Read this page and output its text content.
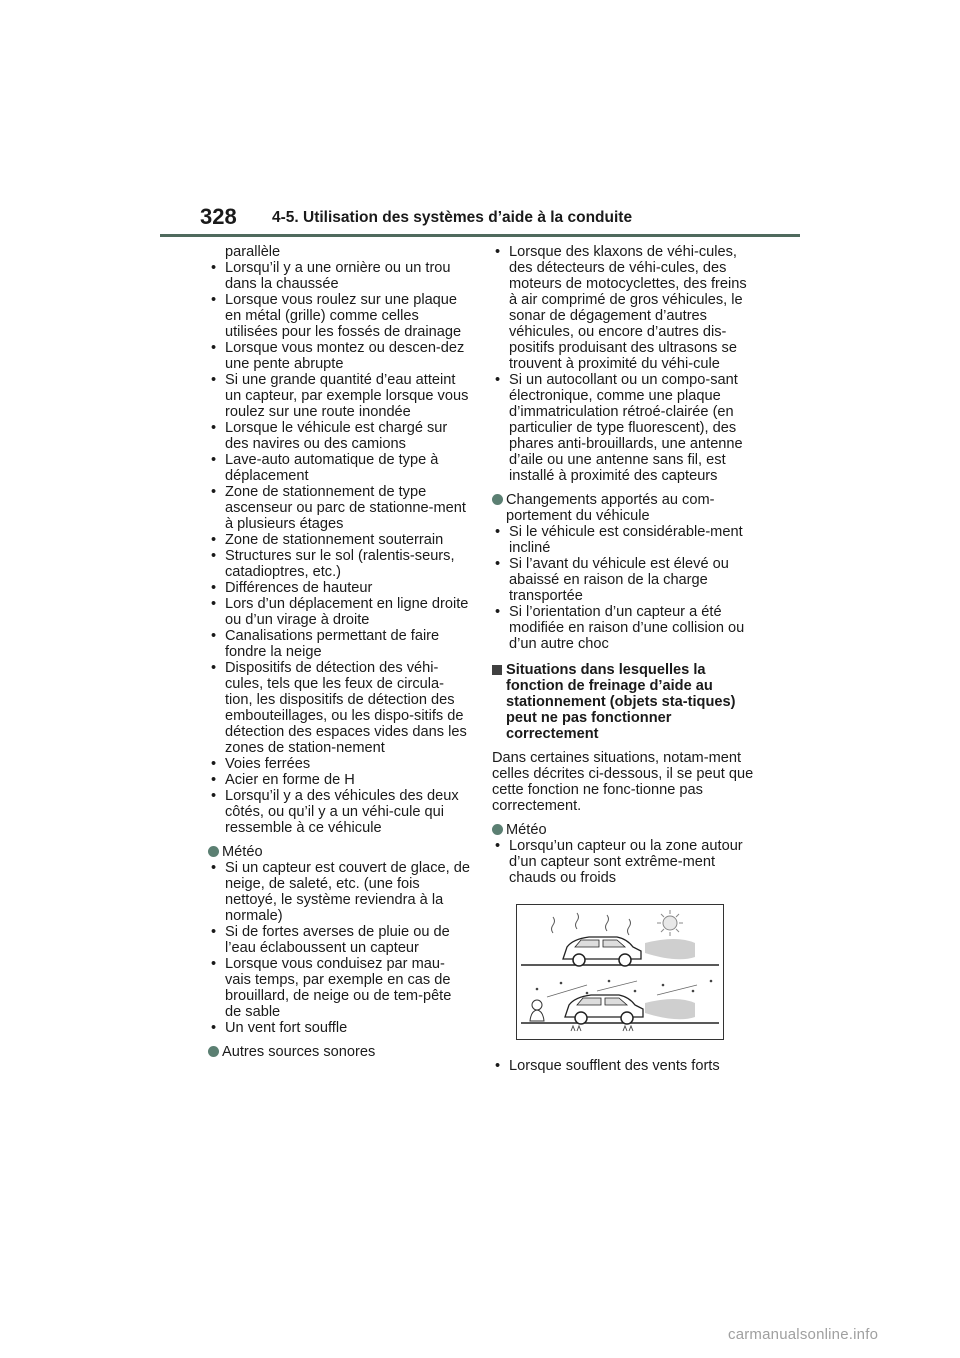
328 4-5. Utilisation des systèmes d’aide à la conduite
parallèle
• Lorsqu’il y a une ornière ou un trou dans la chaussée
• Lorsque vous roulez sur une plaque en métal (grille) comme celles utilisées pour les fossés de drainage
• Lorsque vous montez ou descen-dez une pente abrupte
• Si une grande quantité d’eau atteint un capteur, par exemple lorsque vous roulez sur une route inondée
• Lorsque le véhicule est chargé sur des navires ou des camions
• Lave-auto automatique de type à déplacement
• Zone de stationnement de type ascenseur ou parc de stationne-ment à plusieurs étages
• Zone de stationnement souterrain
• Structures sur le sol (ralentis-seurs, catadioptres, etc.)
• Différences de hauteur
• Lors d’un déplacement en ligne droite ou d’un virage à droite
• Canalisations permettant de faire fondre la neige
• Dispositifs de détection des véhi-cules, tels que les feux de circula-tion, les dispositifs de détection des embouteillages, ou les dispo-sitifs de détection des espaces vides dans les zones de station-nement
• Voies ferrées
• Acier en forme de H
• Lorsqu’il y a des véhicules des deux côtés, ou qu’il y a un véhi-cule qui ressemble à ce véhicule
Météo
• Si un capteur est couvert de glace, de neige, de saleté, etc. (une fois nettoyé, le système reviendra à la normale)
• Si de fortes averses de pluie ou de l’eau éclaboussent un capteur
• Lorsque vous conduisez par mau-vais temps, par exemple en cas de brouillard, de neige ou de tem-pête de sable
• Un vent fort souffle
Autres sources sonores
• Lorsque des klaxons de véhi-cules, des détecteurs de véhi-cules, des moteurs de motocyclettes, des freins à air comprimé de gros véhicules, le sonar de dégagement d’autres véhicules, ou encore d’autres dis-positifs produisant des ultrasons se trouvent à proximité du véhi-cule
• Si un autocollant ou un compo-sant électronique, comme une plaque d’immatriculation rétroé-clairée (en particulier de type fluorescent), des phares anti-brouillards, une antenne d’aile ou une antenne sans fil, est installé à proximité des capteurs
Changements apportés au com-portement du véhicule
• Si le véhicule est considérable-ment incliné
• Si l’avant du véhicule est élevé ou abaissé en raison de la charge transportée
• Si l’orientation d’un capteur a été modifiée en raison d’une collision ou d’un autre choc
Situations dans lesquelles la fonction de freinage d’aide au stationnement (objets sta-tiques) peut ne pas fonctionner correctement
Dans certaines situations, notam-ment celles décrites ci-dessous, il se peut que cette fonction ne fonc-tionne pas correctement.
Météo
• Lorsqu’un capteur ou la zone autour d’un capteur sont extrême-ment chauds ou froids
• Lorsque soufflent des vents forts
carmanualsonline.info
